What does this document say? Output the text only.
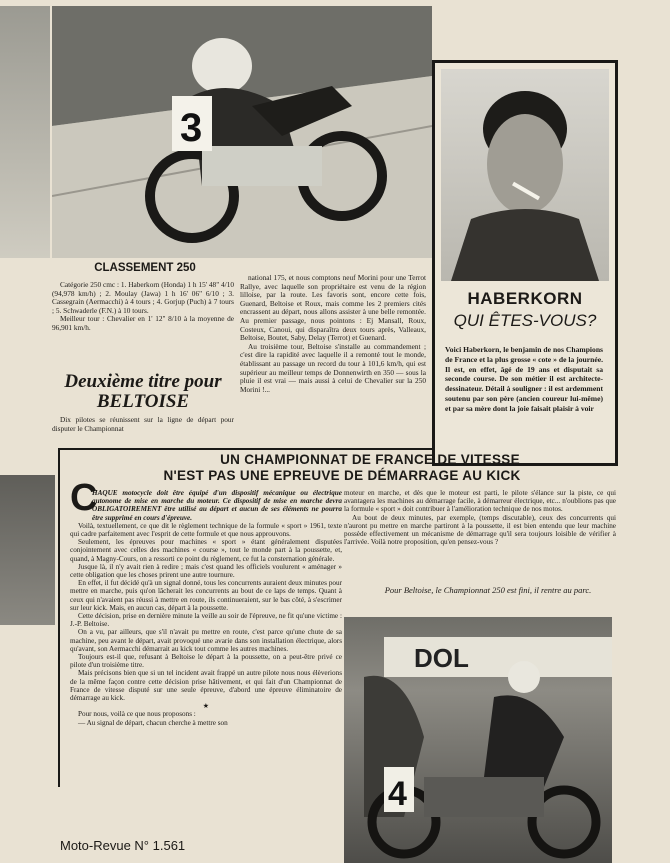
3
HABERKORN
QUI ÊTES-VOUS?
Voici Haberkorn, le benjamin de nos Champions de France et la plus grosse « cote » de la journée. Il est, en effet, âgé de 19 ans et disputait sa seconde course. De son métier il est architecte-dessinateur. Détail à souligner : il est ardemment soutenu par son père (ancien coureur lui-même) et par sa mère dont la joie faisait plaisir à voir
CLASSEMENT 250

Catégorie 250 cmc : 1. Haberkorn (Honda) 1 h 15' 48" 4/10 (94,978 km/h) ; 2. Moulay (Jawa) 1 h 16' 06" 6/10 ; 3. Cassegrain (Aermacchi) à 4 tours ; 4. Gorjup (Puch) à 7 tours ; 5. Schwaderle (F.N.) à 10 tours.

Meilleur tour : Chevalier en 1' 12" 8/10 à la moyenne de 96,901 km/h.

Deuxième titre pour BELTOISE

Dix pilotes se réunissent sur la ligne de départ pour disputer le Championnat

national 175, et nous comptons neuf Morini pour une Terrot Rallye, avec laquelle son propriétaire est venu de la région lilloise, par la route. Les favoris sont, encore cette fois, Guenard, Beltoise et Roux, mais comme les 2 premiers cités encrassent au départ, nous allons assister à une belle remontée. Au premier passage, nous pointons : Ej Mansall, Roux, Costeux, Canoui, qui disparaîtra deux tours après, Valleaux, Beltoise, Boutet, Saby, Delay (Terrot) et Guenard.

Au troisième tour, Beltoise s'installe au commandement ; c'est dire la rapidité avec laquelle il a remonté tout le monde, établissant au passage un record du tour à 101,6 km/h, qui est supérieur au meilleur temps de Donnenwirth en 350 — sous la pluie il est vrai — mais aussi à celui de Chevalier sur la 250 Morini !...

UN CHAMPIONNAT DE FRANCE DE VITESSE
N'EST PAS UNE EPREUVE DE DÉMARRAGE AU KICK
C

HAQUE motocycle doit être équipé d'un dispositif mécanique ou électrique autonome de mise en marche du moteur. Ce dispositif de mise en marche devra OBLIGATOIREMENT être utilisé au départ et aucun de ses éléments ne pourra être supprimé en cours d'épreuve.

Voilà, textuellement, ce que dit le règlement technique de la formule « sport » 1961, texte qui cadre parfaitement avec l'esprit de cette formule et que nous approuvons.

Seulement, les épreuves pour machines « sport » étant généralement disputées conjointement avec celles des machines « course », tout le monde part à la poussette, et, quand, à Magny-Cours, on a ressorti ce point du règlement, ce fut la consternation générale.

Jusque là, il n'y avait rien à redire ; mais c'est quand les officiels voulurent « aménager » cette obligation que les choses prirent une autre tournure.

En effet, il fut décidé qu'à un signal donné, tous les concurrents auraient deux minutes pour mettre en marche, puis qu'on lâcherait les concurrents au bout de ce laps de temps. Quant à ceux qui n'avaient pas réussi à mettre en route, ils continueraient, sur le bas côté, à s'escrimer sur leur kick. Mais, en aucun cas, départ à la poussette.

Cette décision, prise en dernière minute la veille au soir de l'épreuve, ne fit qu'une victime : J.-P. Beltoise.

On a vu, par ailleurs, que s'il n'avait pu mettre en route, c'est parce qu'une chute de sa machine, peu avant le départ, avait provoqué une avarie dans son installation électrique, alors qu'avant, son Aermacchi démarrait au kick tout comme les autres machines.

Toujours est-il que, refusant à Beltoise le départ à la poussette, on a peut-être privé ce pilote d'un troisième titre.

Mais précisons bien que si un tel incident avait frappé un autre pilote nous nous élèverions de la même façon contre cette décision prise hâtivement, et qui fait d'un Championnat de France de vitesse disputé sur une seule épreuve, d'abord une épreuve éliminatoire de démarrage au kick.

★

Pour nous, voilà ce que nous proposons :

— Au signal de départ, chacun cherche à mettre son

moteur en marche, et dès que le moteur est parti, le pilote s'élance sur la piste, ce qui avantagera les machines au démarrage facile, à démarreur électrique, etc... n'oublions pas que la formule « sport » doit contribuer à l'amélioration technique de nos motos.

Au bout de deux minutes, par exemple, (temps discutable), ceux des concurrents qui n'auront pu mettre en marche partiront à la poussette, il est bien entendu que leur machine possède effectivement un mécanisme de démarrage qu'il sera toujours loisible de vérifier à l'arrivée. Voilà notre proposition, qu'en pensez-vous ?

Pour Beltoise, le Championnat 250 est fini, il rentre au parc.
DOL
4
Moto-Revue N° 1.561
